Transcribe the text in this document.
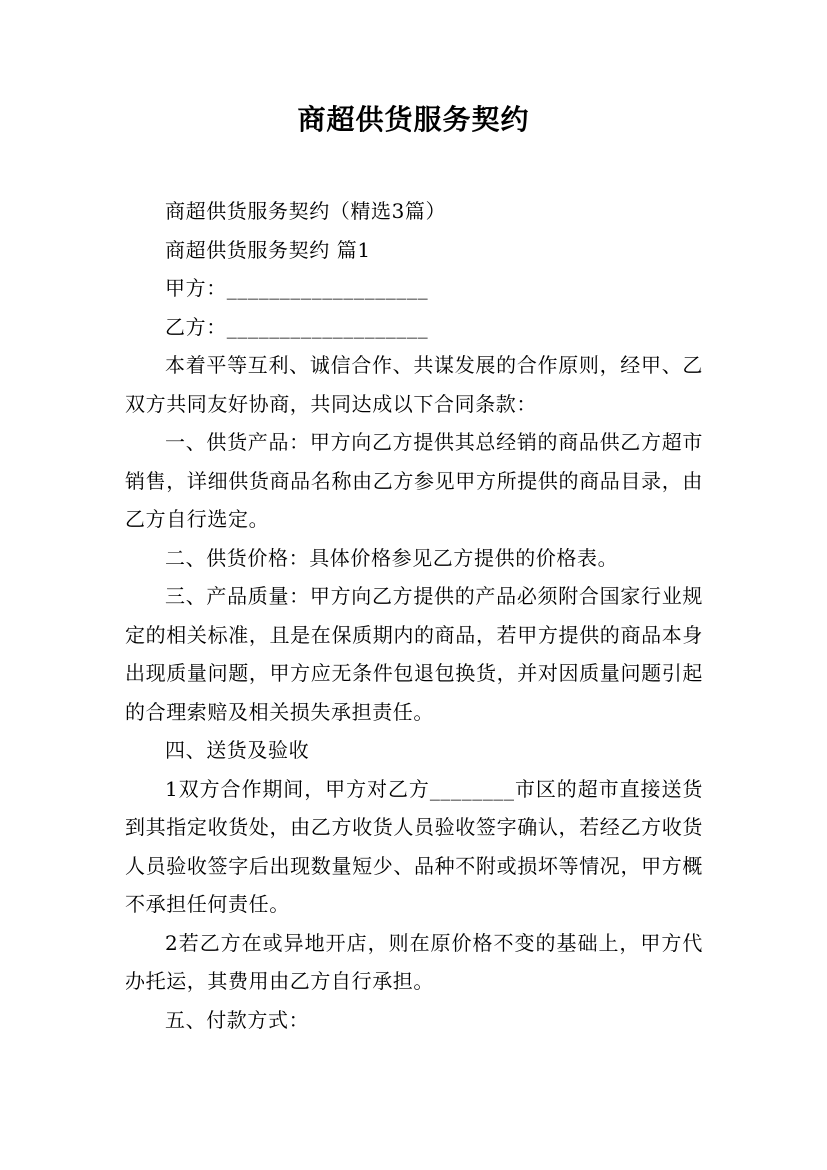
商超供货服务契约

商超供货服务契约（精选3篇）

商超供货服务契约 篇1

甲方：___________________

乙方：___________________

本着平等互利、诚信合作、共谋发展的合作原则，经甲、乙双方共同友好协商，共同达成以下合同条款：

一、供货产品：甲方向乙方提供其总经销的商品供乙方超市销售，详细供货商品名称由乙方参见甲方所提供的商品目录，由乙方自行选定。

二、供货价格：具体价格参见乙方提供的价格表。

三、产品质量：甲方向乙方提供的产品必须附合国家行业规定的相关标准，且是在保质期内的商品，若甲方提供的商品本身出现质量问题，甲方应无条件包退包换货，并对因质量问题引起的合理索赔及相关损失承担责任。

四、送货及验收

1双方合作期间，甲方对乙方________市区的超市直接送货到其指定收货处，由乙方收货人员验收签字确认，若经乙方收货人员验收签字后出现数量短少、品种不附或损坏等情况，甲方概不承担任何责任。

2若乙方在或异地开店，则在原价格不变的基础上，甲方代办托运，其费用由乙方自行承担。

五、付款方式：
